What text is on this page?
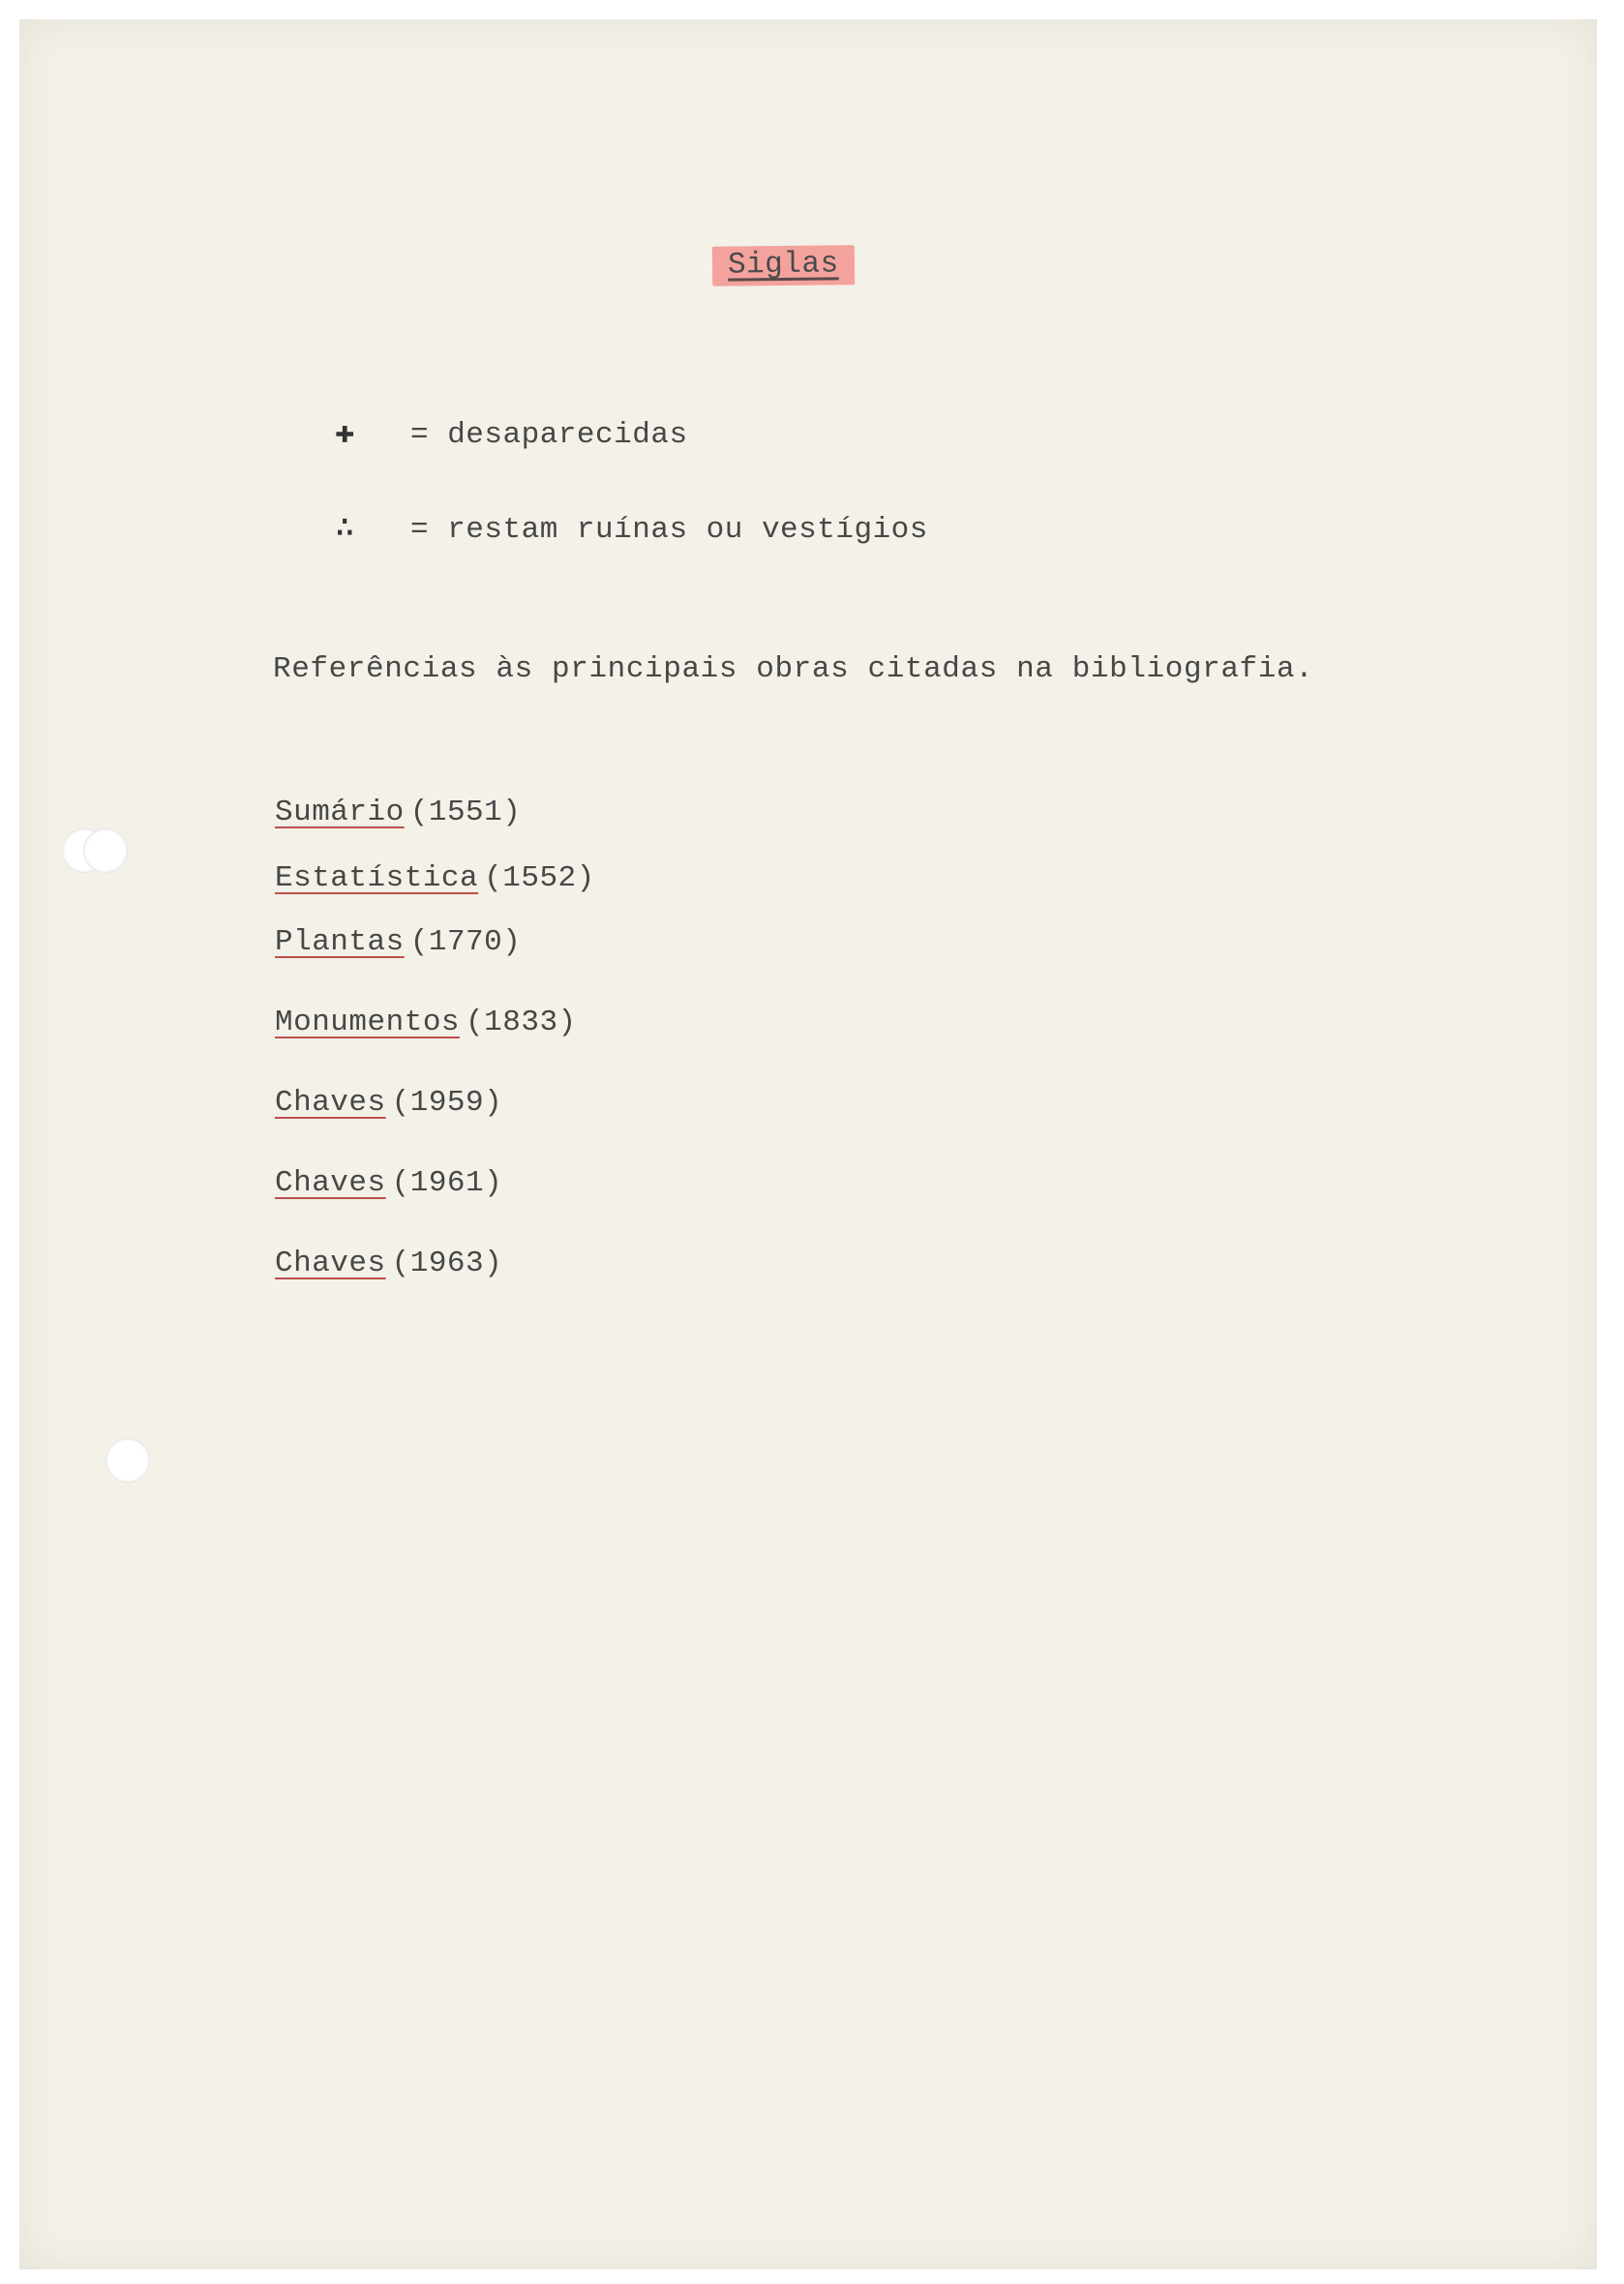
Siglas
✚ = desaparecidas
∴ = restam ruínas ou vestígios
Referências às principais obras citadas na bibliografia.
Sumário (1551)
Estatística (1552)
Plantas (1770)
Monumentos (1833)
Chaves (1959)
Chaves (1961)
Chaves (1963)
